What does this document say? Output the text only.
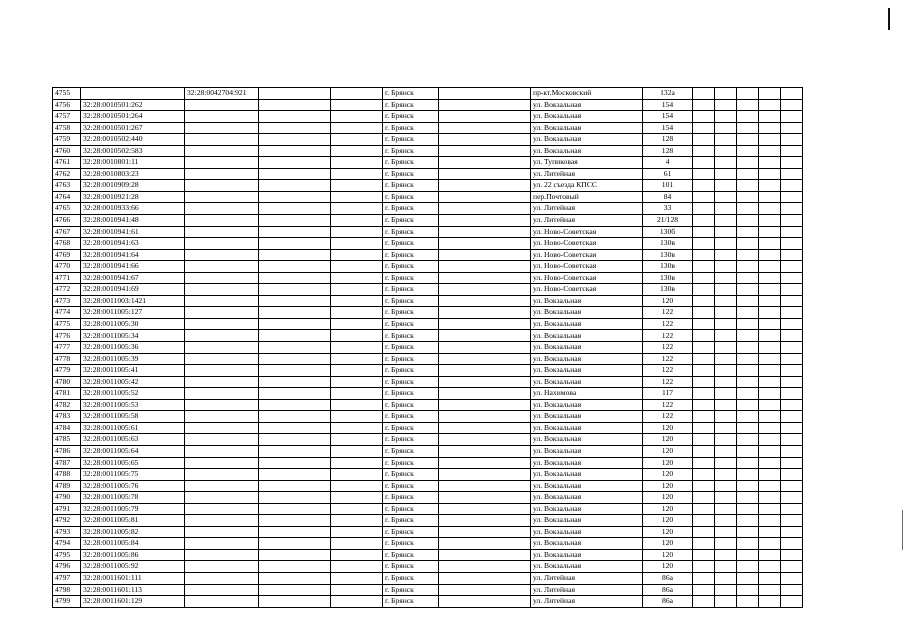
4755		32:28:0042704:921			г. Брянск		пр-кт.Московский	132а					
4756	32:28:0010501:262				г. Брянск		ул. Вокзальная	154					
4757	32:28:0010501:264				г. Брянск		ул. Вокзальная	154					
4758	32:28:0010501:267				г. Брянск		ул. Вокзальная	154					
4759	32:28:0010502:440				г. Брянск		ул. Вокзальная	128					
4760	32:28:0010502:583				г. Брянск		ул. Вокзальная	128					
4761	32:28:0010801:11				г. Брянск		ул. Тупиковая	4					
4762	32:28:0010803:23				г. Брянск		ул. Литейная	61					
4763	32:28:0010909:28				г. Брянск		ул. 22 съезда КПСС	101					
4764	32:28:0010921:28				г. Брянск		пер.Почтовый	84					
4765	32:28:0010933:66				г. Брянск		ул. Литейная	33					
4766	32:28:0010941:48				г. Брянск		ул. Литейная	21/128					
4767	32:28:0010941:61				г. Брянск		ул. Ново-Советская	130б					
4768	32:28:0010941:63				г. Брянск		ул. Ново-Советская	130в					
4769	32:28:0010941:64				г. Брянск		ул. Ново-Советская	130в					
4770	32:28:0010941:66				г. Брянск		ул. Ново-Советская	130в					
4771	32:28:0010941:67				г. Брянск		ул. Ново-Советская	130в					
4772	32:28:0010941:69				г. Брянск		ул. Ново-Советская	130в					
4773	32:28:0011003:1421				г. Брянск		ул. Вокзальная	120					
4774	32:28:0011005:127				г. Брянск		ул. Вокзальная	122					
4775	32:28:0011005:30				г. Брянск		ул. Вокзальная	122					
4776	32:28:0011005:34				г. Брянск		ул. Вокзальная	122					
4777	32:28:0011005:36				г. Брянск		ул. Вокзальная	122					
4778	32:28:0011005:39				г. Брянск		ул. Вокзальная	122					
4779	32:28:0011005:41				г. Брянск		ул. Вокзальная	122					
4780	32:28:0011005:42				г. Брянск		ул. Вокзальная	122					
4781	32:28:0011005:52				г. Брянск		ул. Нахимова	117					
4782	32:28:0011005:53				г. Брянск		ул. Вокзальная	122					
4783	32:28:0011005:58				г. Брянск		ул. Вокзальная	122					
4784	32:28:0011005:61				г. Брянск		ул. Вокзальная	120					
4785	32:28:0011005:63				г. Брянск		ул. Вокзальная	120					
4786	32:28:0011005:64				г. Брянск		ул. Вокзальная	120					
4787	32:28:0011005:65				г. Брянск		ул. Вокзальная	120					
4788	32:28:0011005:75				г. Брянск		ул. Вокзальная	120					
4789	32:28:0011005:76				г. Брянск		ул. Вокзальная	120					
4790	32:28:0011005:78				г. Брянск		ул. Вокзальная	120					
4791	32:28:0011005:79				г. Брянск		ул. Вокзальная	120					
4792	32:28:0011005:81				г. Брянск		ул. Вокзальная	120					
4793	32:28:0011005:82				г. Брянск		ул. Вокзальная	120					
4794	32:28:0011005:84				г. Брянск		ул. Вокзальная	120					
4795	32:28:0011005:86				г. Брянск		ул. Вокзальная	120					
4796	32:28:0011005:92				г. Брянск		ул. Вокзальная	120					
4797	32:28:0011601:111				г. Брянск		ул. Литейная	86а					
4798	32:28:0011601:113				г. Брянск		ул. Литейная	86а					
4799	32:28:0011601:129				г. Брянск		ул. Литейная	86а					
